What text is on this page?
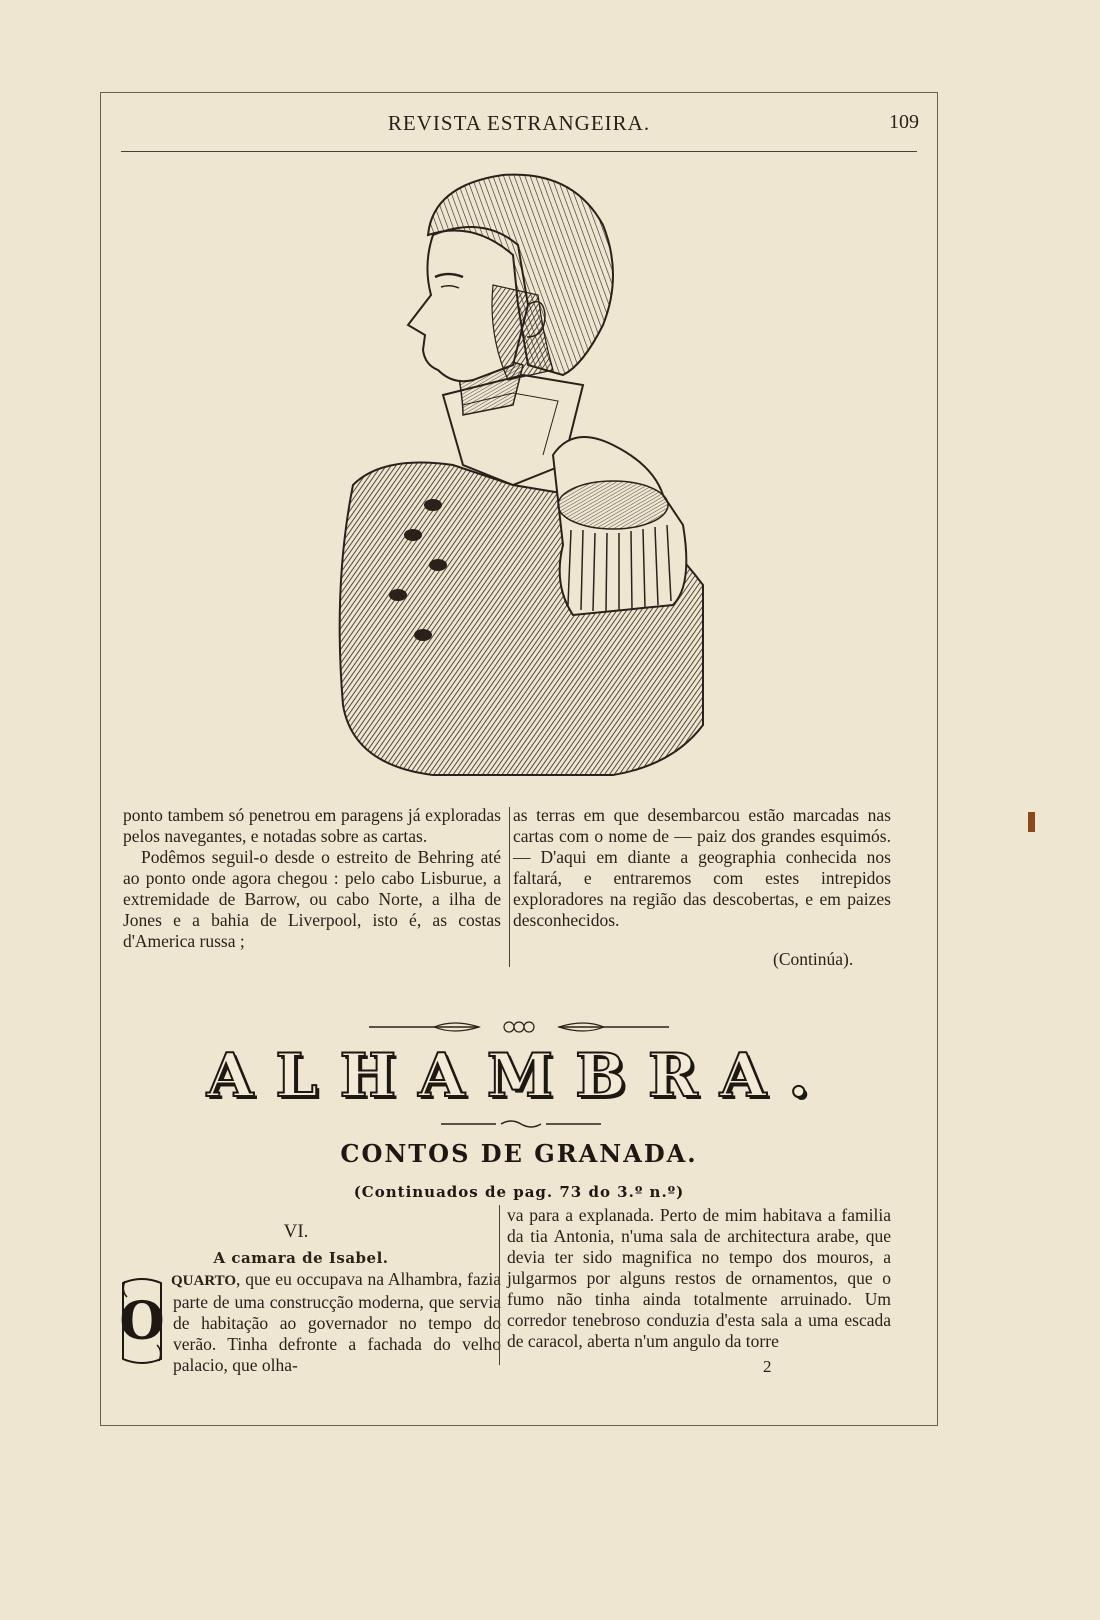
REVISTA ESTRANGEIRA.	109

ponto tambem só penetrou em paragens já exploradas pelos navegantes, e notadas sobre as cartas.

Podêmos seguil-o desde o estreito de Behring até ao ponto onde agora chegou : pelo cabo Lisburue, a extremidade de Barrow, ou cabo Norte, a ilha de Jones e a bahia de Liverpool, isto é, as costas d'America russa ;

as terras em que desembarcou estão marcadas nas cartas com o nome de — paiz dos grandes esquimós. — D'aqui em diante a geographia conhecida nos faltará, e entraremos com estes intrepidos exploradores na região das descobertas, e em paizes desconhecidos.

(Continúa).
ALHAMBRA.
CONTOS DE GRANADA.
(Continuados de pag. 73 do 3.º n.º)
VI.
A camara de Isabel.
O

QUARTO, que eu occupava na Alhambra, fazia parte de uma construcção moderna, que servia de habitação ao governador no tempo do verão. Tinha defronte a fachada do velho palacio, que olha-

va para a explanada. Perto de mim habitava a familia da tia Antonia, n'uma sala de architectura arabe, que devia ter sido magnifica no tempo dos mouros, a julgarmos por alguns restos de ornamentos, que o fumo não tinha ainda totalmente arruinado. Um corredor tenebroso conduzia d'esta sala a uma escada de caracol, aberta n'um angulo da torre

2
